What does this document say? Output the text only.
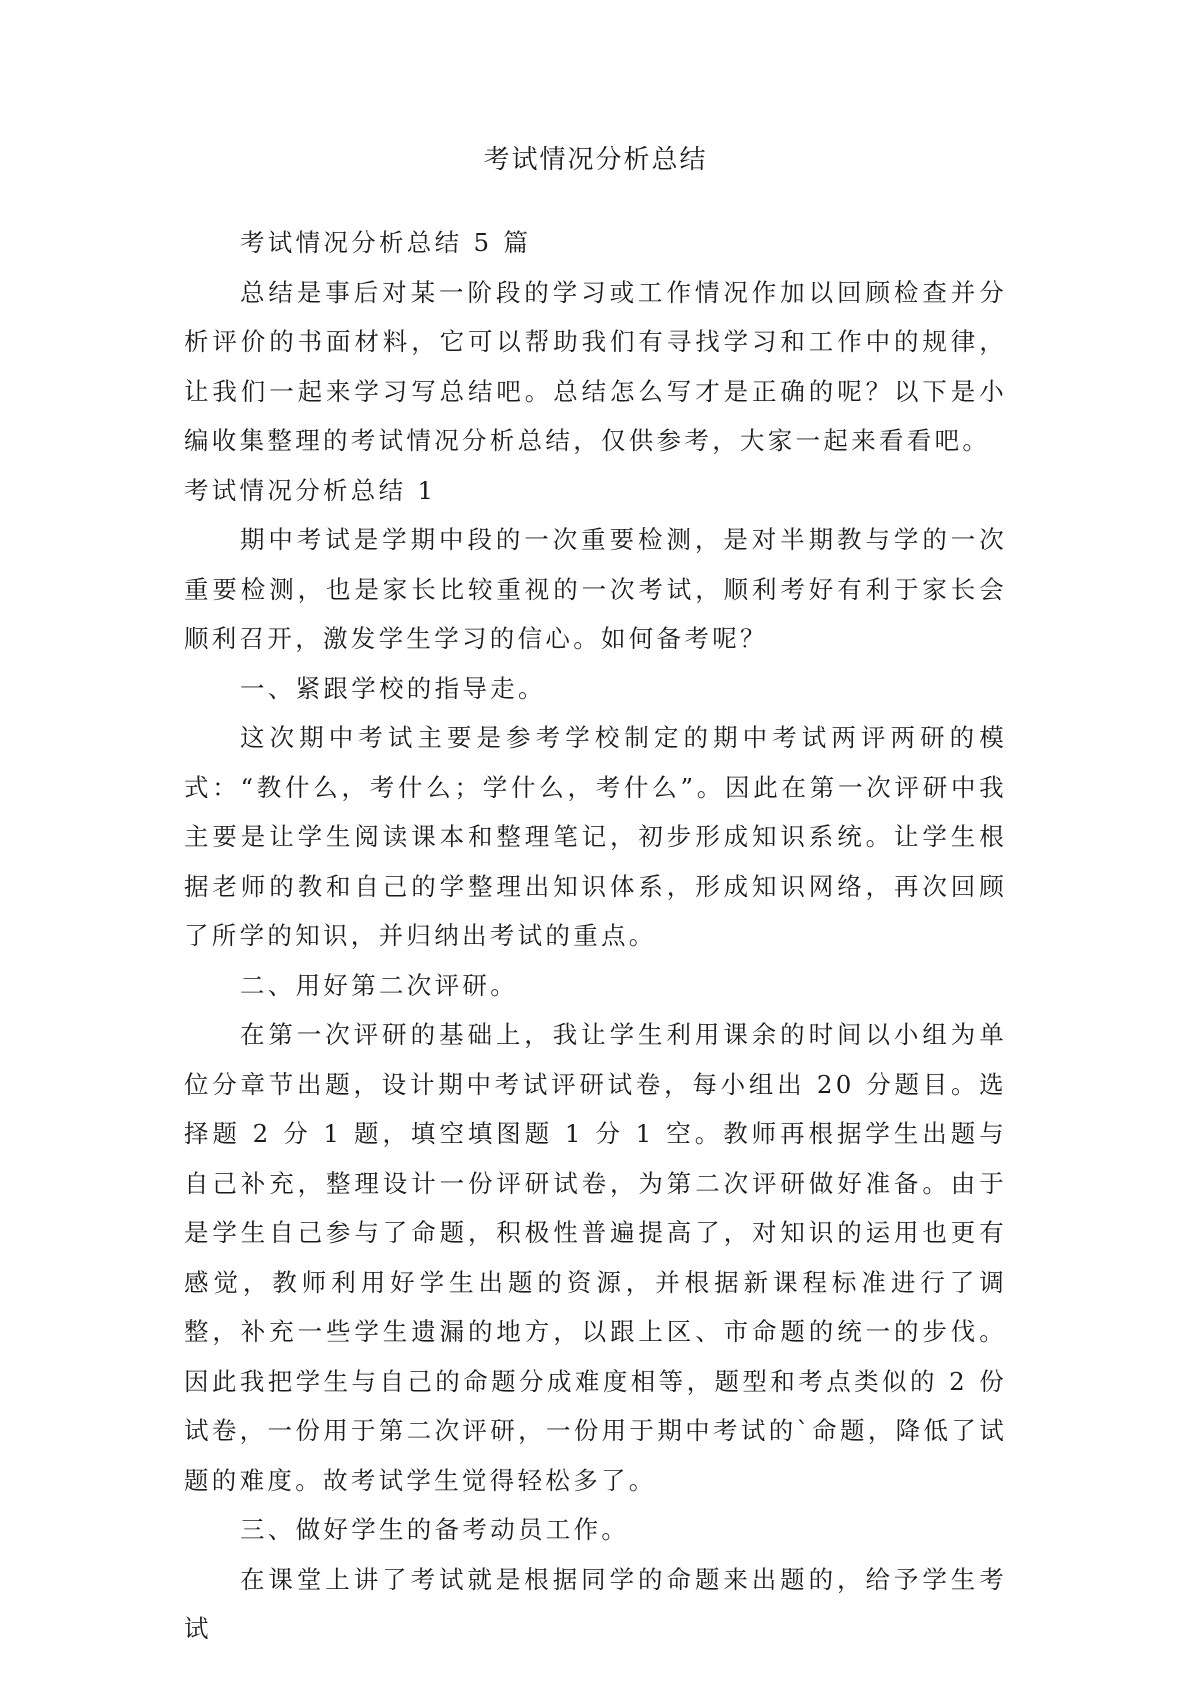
考试情况分析总结

考试情况分析总结 5 篇

总结是事后对某一阶段的学习或工作情况作加以回顾检查并分析评价的书面材料，它可以帮助我们有寻找学习和工作中的规律，让我们一起来学习写总结吧。总结怎么写才是正确的呢？以下是小编收集整理的考试情况分析总结，仅供参考，大家一起来看看吧。

考试情况分析总结 1

期中考试是学期中段的一次重要检测，是对半期教与学的一次重要检测，也是家长比较重视的一次考试，顺利考好有利于家长会顺利召开，激发学生学习的信心。如何备考呢？

一、紧跟学校的指导走。

这次期中考试主要是参考学校制定的期中考试两评两研的模式：“教什么，考什么；学什么，考什么”。因此在第一次评研中我主要是让学生阅读课本和整理笔记，初步形成知识系统。让学生根据老师的教和自己的学整理出知识体系，形成知识网络，再次回顾了所学的知识，并归纳出考试的重点。

二、用好第二次评研。

在第一次评研的基础上，我让学生利用课余的时间以小组为单位分章节出题，设计期中考试评研试卷，每小组出 20 分题目。选择题 2 分 1 题，填空填图题 1 分 1 空。教师再根据学生出题与自己补充，整理设计一份评研试卷，为第二次评研做好准备。由于是学生自己参与了命题，积极性普遍提高了，对知识的运用也更有感觉，教师利用好学生出题的资源，并根据新课程标准进行了调整，补充一些学生遗漏的地方，以跟上区、市命题的统一的步伐。因此我把学生与自己的命题分成难度相等，题型和考点类似的 2 份试卷，一份用于第二次评研，一份用于期中考试的`命题，降低了试题的难度。故考试学生觉得轻松多了。

三、做好学生的备考动员工作。

在课堂上讲了考试就是根据同学的命题来出题的，给予学生考试
